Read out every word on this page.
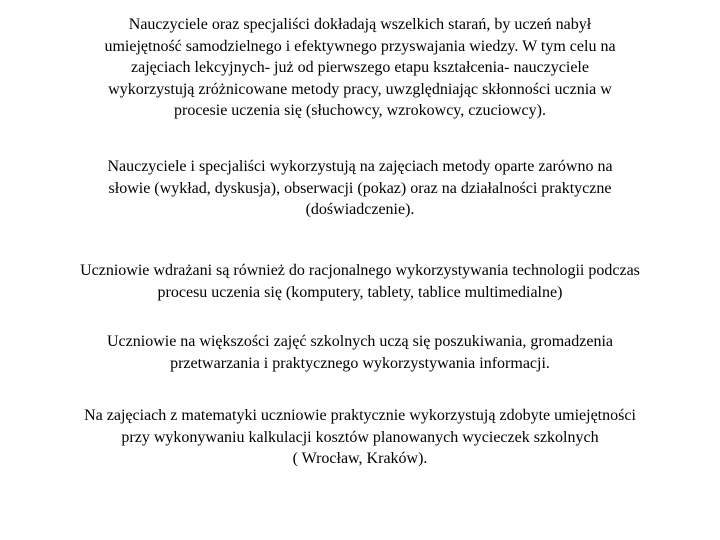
Nauczyciele oraz specjaliści dokładają wszelkich starań, by uczeń nabył
umiejętność samodzielnego i efektywnego przyswajania wiedzy. W tym celu na
zajęciach lekcyjnych- już od pierwszego etapu kształcenia- nauczyciele
wykorzystują zróżnicowane metody pracy, uwzględniając skłonności ucznia w
procesie uczenia się (słuchowcy, wzrokowcy, czuciowcy).

Nauczyciele i specjaliści wykorzystują na zajęciach metody oparte zarówno na
słowie (wykład, dyskusja), obserwacji (pokaz) oraz na działalności praktyczne
(doświadczenie).

Uczniowie wdrażani są również do racjonalnego wykorzystywania technologii podczas
procesu uczenia się (komputery, tablety, tablice multimedialne)

Uczniowie na większości zajęć szkolnych uczą się poszukiwania, gromadzenia
przetwarzania i praktycznego wykorzystywania informacji.

Na zajęciach z matematyki uczniowie praktycznie wykorzystują zdobyte umiejętności
przy wykonywaniu kalkulacji kosztów planowanych wycieczek szkolnych
( Wrocław, Kraków).
